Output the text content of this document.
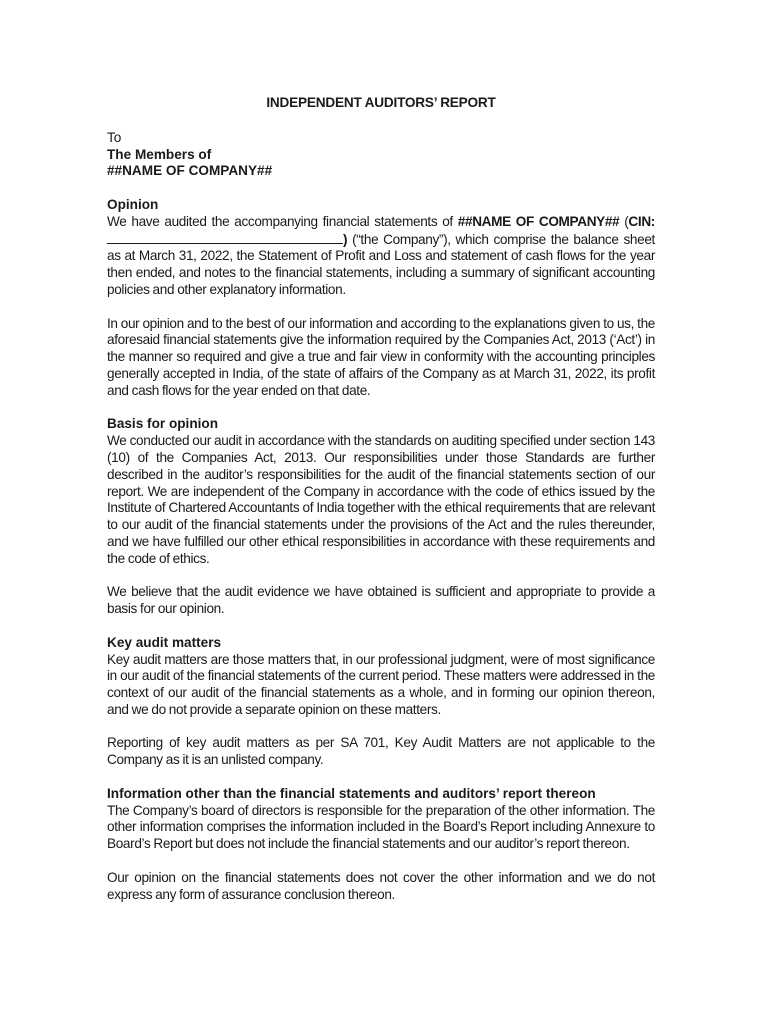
INDEPENDENT AUDITORS’ REPORT
To
The Members of
##NAME OF COMPANY##
Opinion

We have audited the accompanying financial statements of ##NAME OF COMPANY## (CIN: ) (“the Company”), which comprise the balance sheet as at March 31, 2022, the Statement of Profit and Loss and statement of cash flows for the year then ended, and notes to the financial statements, including a summary of significant accounting policies and other explanatory information.

In our opinion and to the best of our information and according to the explanations given to us, the aforesaid financial statements give the information required by the Companies Act, 2013 (‘Act’) in the manner so required and give a true and fair view in conformity with the accounting principles generally accepted in India, of the state of affairs of the Company as at March 31, 2022, its profit and cash flows for the year ended on that date.

Basis for opinion

We conducted our audit in accordance with the standards on auditing specified under section 143 (10) of the Companies Act, 2013. Our responsibilities under those Standards are further described in the auditor’s responsibilities for the audit of the financial statements section of our report. We are independent of the Company in accordance with the code of ethics issued by the Institute of Chartered Accountants of India together with the ethical requirements that are relevant to our audit of the financial statements under the provisions of the Act and the rules thereunder, and we have fulfilled our other ethical responsibilities in accordance with these requirements and the code of ethics.

We believe that the audit evidence we have obtained is sufficient and appropriate to provide a basis for our opinion.

Key audit matters

Key audit matters are those matters that, in our professional judgment, were of most significance in our audit of the financial statements of the current period. These matters were addressed in the context of our audit of the financial statements as a whole, and in forming our opinion thereon, and we do not provide a separate opinion on these matters.

Reporting of key audit matters as per SA 701, Key Audit Matters are not applicable to the Company as it is an unlisted company.

Information other than the financial statements and auditors’ report thereon

The Company’s board of directors is responsible for the preparation of the other information. The other information comprises the information included in the Board’s Report including Annexure to Board’s Report but does not include the financial statements and our auditor’s report thereon.

Our opinion on the financial statements does not cover the other information and we do not express any form of assurance conclusion thereon.
